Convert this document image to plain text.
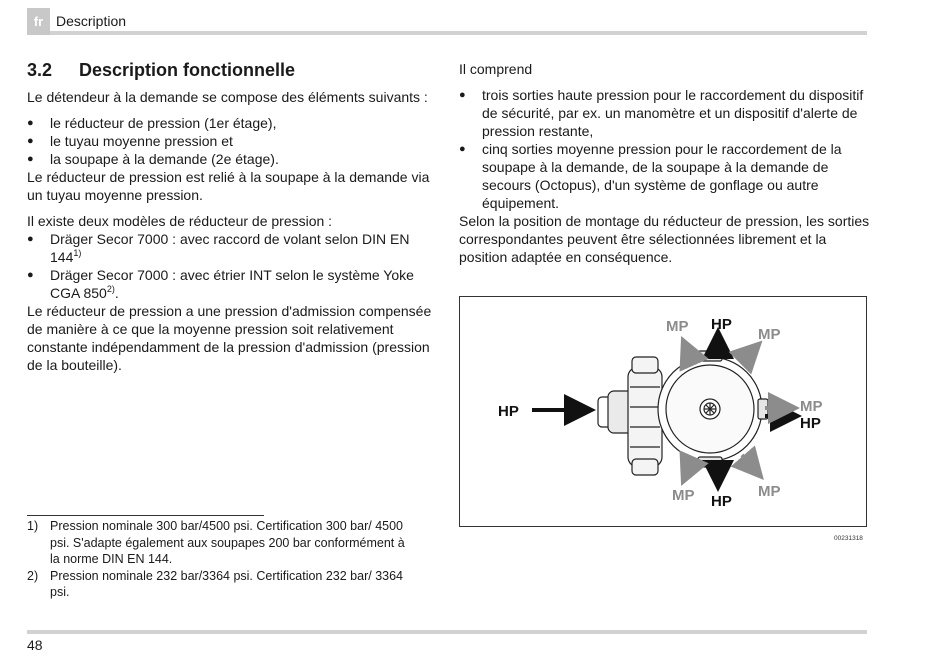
fr Description
3.2 Description fonctionnelle

Le détendeur à la demande se compose des éléments suivants :

● le réducteur de pression (1er étage),
● le tuyau moyenne pression et
● la soupape à la demande (2e étage).

Le réducteur de pression est relié à la soupape à la demande via un tuyau moyenne pression.

Il existe deux modèles de réducteur de pression :

● Dräger Secor 7000 : avec raccord de volant selon DIN EN 144$^{1)}$
● Dräger Secor 7000 : avec étrier INT selon le système Yoke CGA 850$^{2)}$.

Le réducteur de pression a une pression d'admission compensée de manière à ce que la moyenne pression soit relativement constante indépendamment de la pression d'admission (pression de la bouteille).

Il comprend

● trois sorties haute pression pour le raccordement du dispositif de sécurité, par ex. un manomètre et un dispositif d'alerte de pression restante,
● cinq sorties moyenne pression pour le raccordement de la soupape à la demande, de la soupape à la demande de secours (Octopus), d'un système de gonflage ou autre équipement.

Selon la position de montage du réducteur de pression, les sorties correspondantes peuvent être sélectionnées librement et la position adaptée en conséquence.

HP
MP HP
MP
MP
HP
MP HP
MP
00231318
1) Pression nominale 300 bar/4500 psi. Certification 300 bar/ 4500 psi. S'adapte également aux soupapes 200 bar conformément à la norme DIN EN 144.
2) Pression nominale 232 bar/3364 psi. Certification 232 bar/ 3364 psi.
48
